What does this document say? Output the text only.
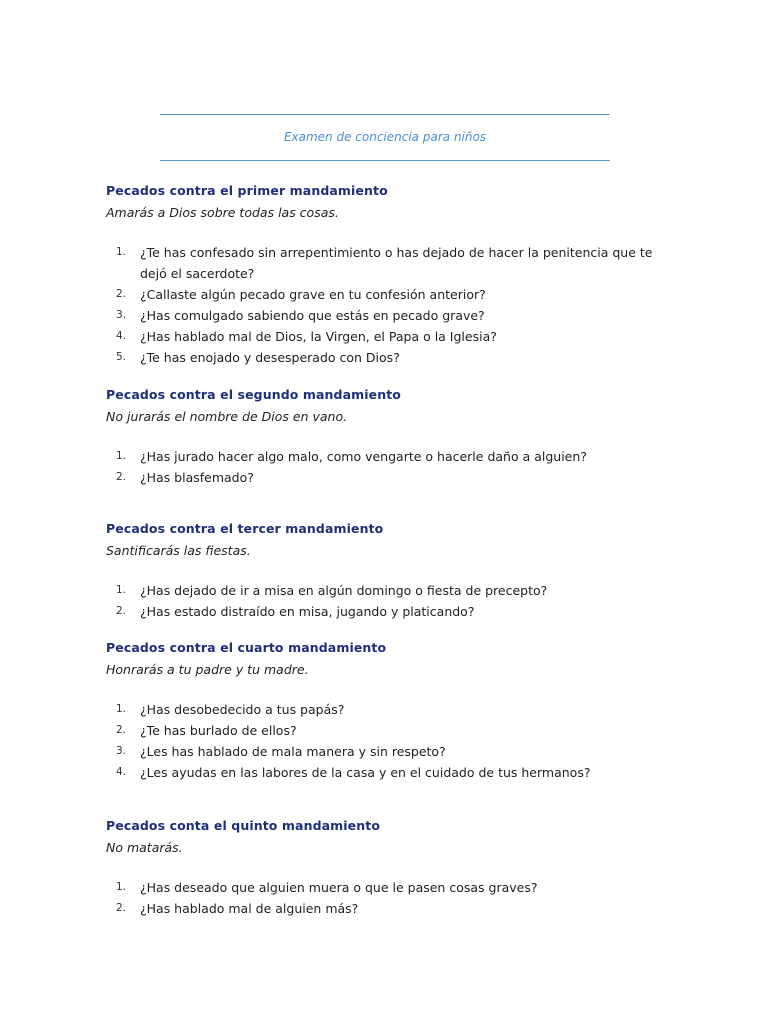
Examen de conciencia para niños
Pecados contra el primer mandamiento
Amarás a Dios sobre todas las cosas.
1. ¿Te has confesado sin arrepentimiento o has dejado de hacer la penitencia que te dejó el sacerdote?
2. ¿Callaste algún pecado grave en tu confesión anterior?
3. ¿Has comulgado sabiendo que estás en pecado grave?
4. ¿Has hablado mal de Dios, la Virgen, el Papa o la Iglesia?
5. ¿Te has enojado y desesperado con Dios?
Pecados contra el segundo mandamiento
No jurarás el nombre de Dios en vano.
1. ¿Has jurado hacer algo malo, como vengarte o hacerle daño a alguien?
2. ¿Has blasfemado?
Pecados contra el tercer mandamiento
Santificarás las fiestas.
1. ¿Has dejado de ir a misa en algún domingo o fiesta de precepto?
2. ¿Has estado distraído en misa, jugando y platicando?
Pecados contra el cuarto mandamiento
Honrarás a tu padre y tu madre.
1. ¿Has desobedecido a tus papás?
2. ¿Te has burlado de ellos?
3. ¿Les has hablado de mala manera y sin respeto?
4. ¿Les ayudas en las labores de la casa y en el cuidado de tus hermanos?
Pecados conta el quinto mandamiento
No matarás.
1. ¿Has deseado que alguien muera o que le pasen cosas graves?
2. ¿Has hablado mal de alguien más?
